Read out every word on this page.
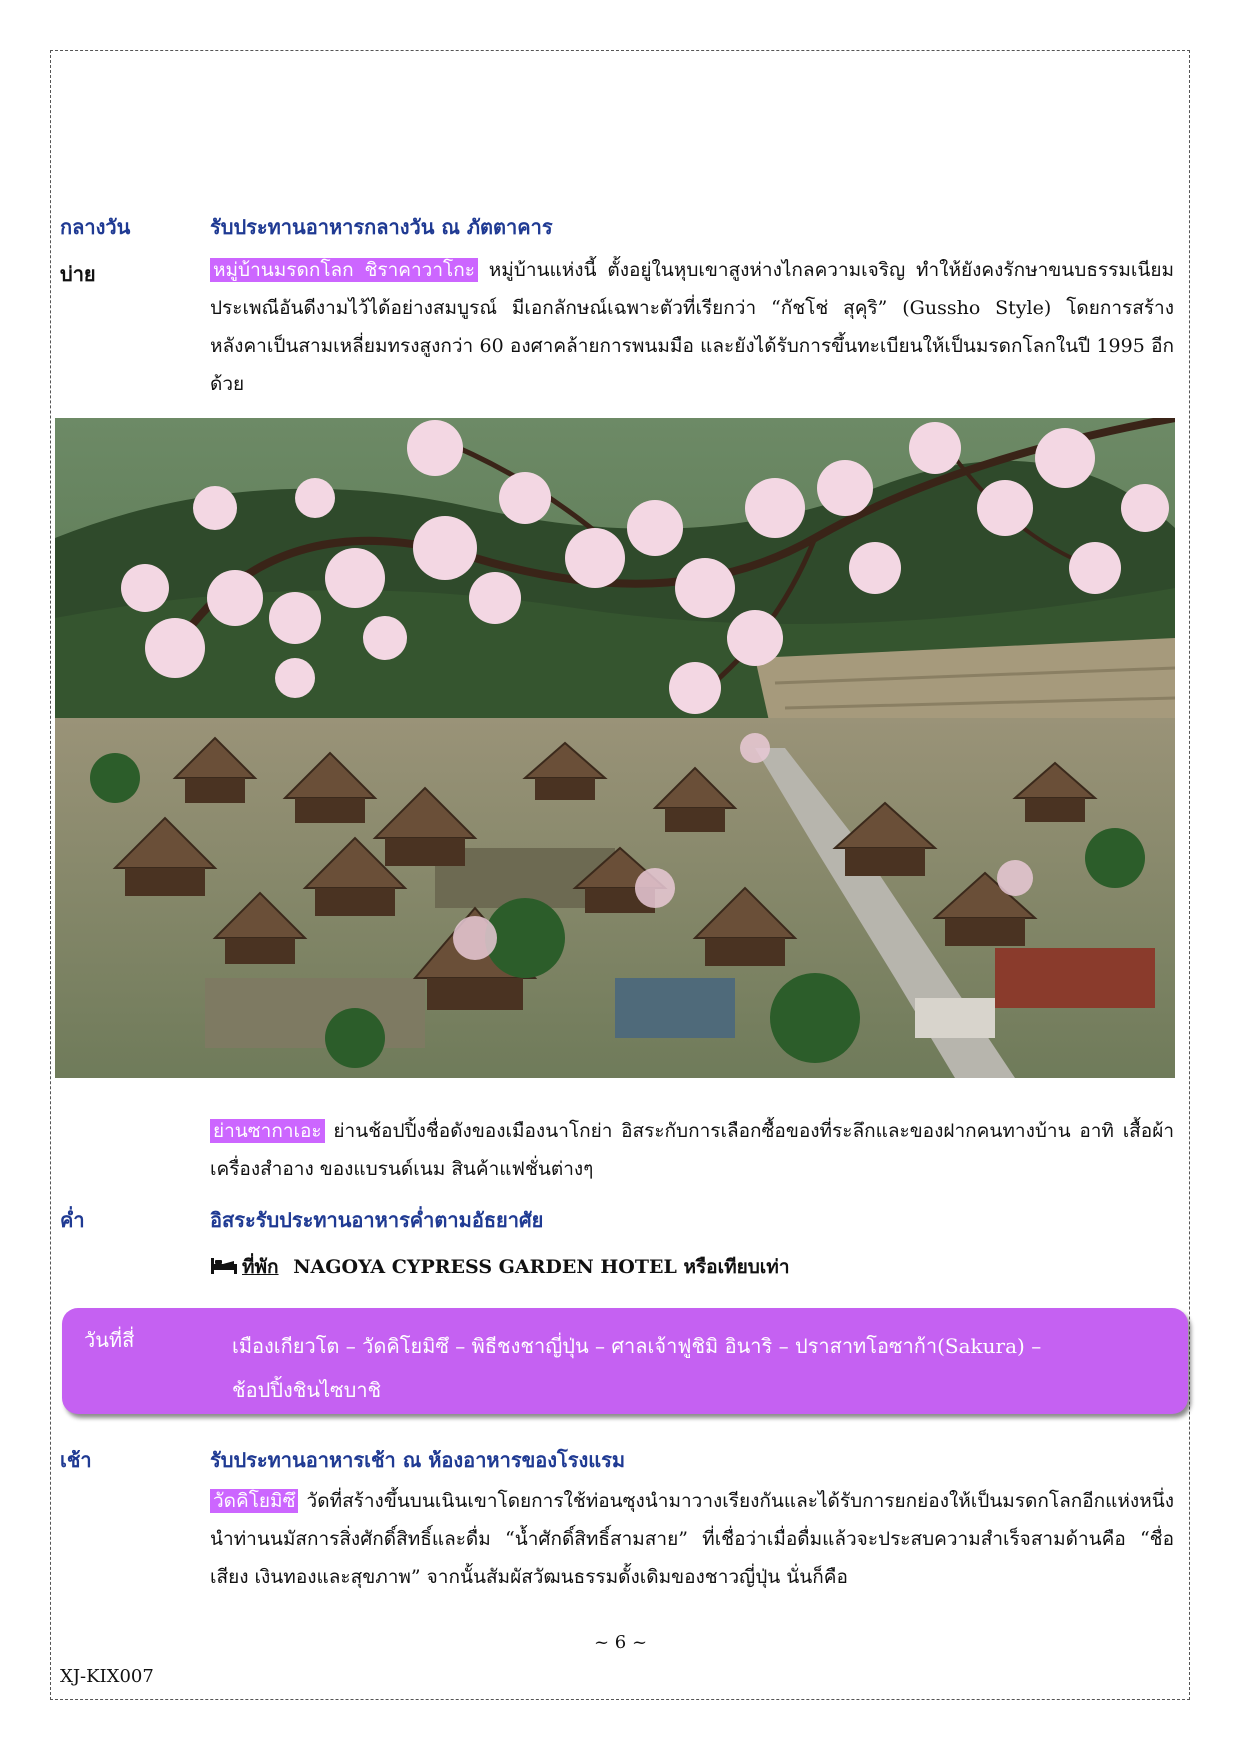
กลางวัน	รับประทานอาหารกลางวัน ณ ภัตตาคาร
บ่าย	หมู่บ้านมรดกโลก ชิราคาวาโกะ หมู่บ้านแห่งนี้ ตั้งอยู่ในหุบเขาสูงห่างไกลความเจริญ ทำให้ยังคงรักษาขนบธรรมเนียม ประเพณีอันดีงามไว้ได้อย่างสมบูรณ์ มีเอกลักษณ์เฉพาะตัวที่เรียกว่า “กัชโช่ สุคุริ” (Gussho Style) โดยการสร้างหลังคาเป็นสามเหลี่ยมทรงสูงกว่า 60 องศาคล้ายการพนมมือ และยังได้รับการขึ้นทะเบียนให้เป็นมรดกโลกในปี 1995 อีกด้วย
ย่านซากาเอะ ย่านช้อปปิ้งชื่อดังของเมืองนาโกย่า อิสระกับการเลือกซื้อของที่ระลึกและของฝากคนทางบ้าน อาทิ เสื้อผ้า เครื่องสำอาง ของแบรนด์เนม สินค้าแฟชั่นต่างๆ
ค่ำ	อิสระรับประทานอาหารค่ำตามอัธยาศัย
ที่พัก NAGOYA CYPRESS GARDEN HOTEL หรือเทียบเท่า
วันที่สี่	เมืองเกียวโต – วัดคิโยมิซึ – พิธีชงชาญี่ปุ่น – ศาลเจ้าฟูชิมิ อินาริ – ปราสาทโอซาก้า(Sakura) –
ช้อปปิ้งชินไซบาชิ
เช้า	รับประทานอาหารเช้า ณ ห้องอาหารของโรงแรม
วัดคิโยมิซึ วัดที่สร้างขึ้นบนเนินเขาโดยการใช้ท่อนซุงนำมาวางเรียงกันและได้รับการยกย่องให้เป็นมรดกโลกอีกแห่งหนึ่ง นำท่านนมัสการสิ่งศักดิ์สิทธิ์และดื่ม “น้ำศักดิ์สิทธิ์สามสาย” ที่เชื่อว่าเมื่อดื่มแล้วจะประสบความสำเร็จสามด้านคือ “ชื่อเสียง เงินทองและสุขภาพ” จากนั้นสัมผัสวัฒนธรรมดั้งเดิมของชาวญี่ปุ่น นั่นก็คือ
~ 6 ~
XJ-KIX007
